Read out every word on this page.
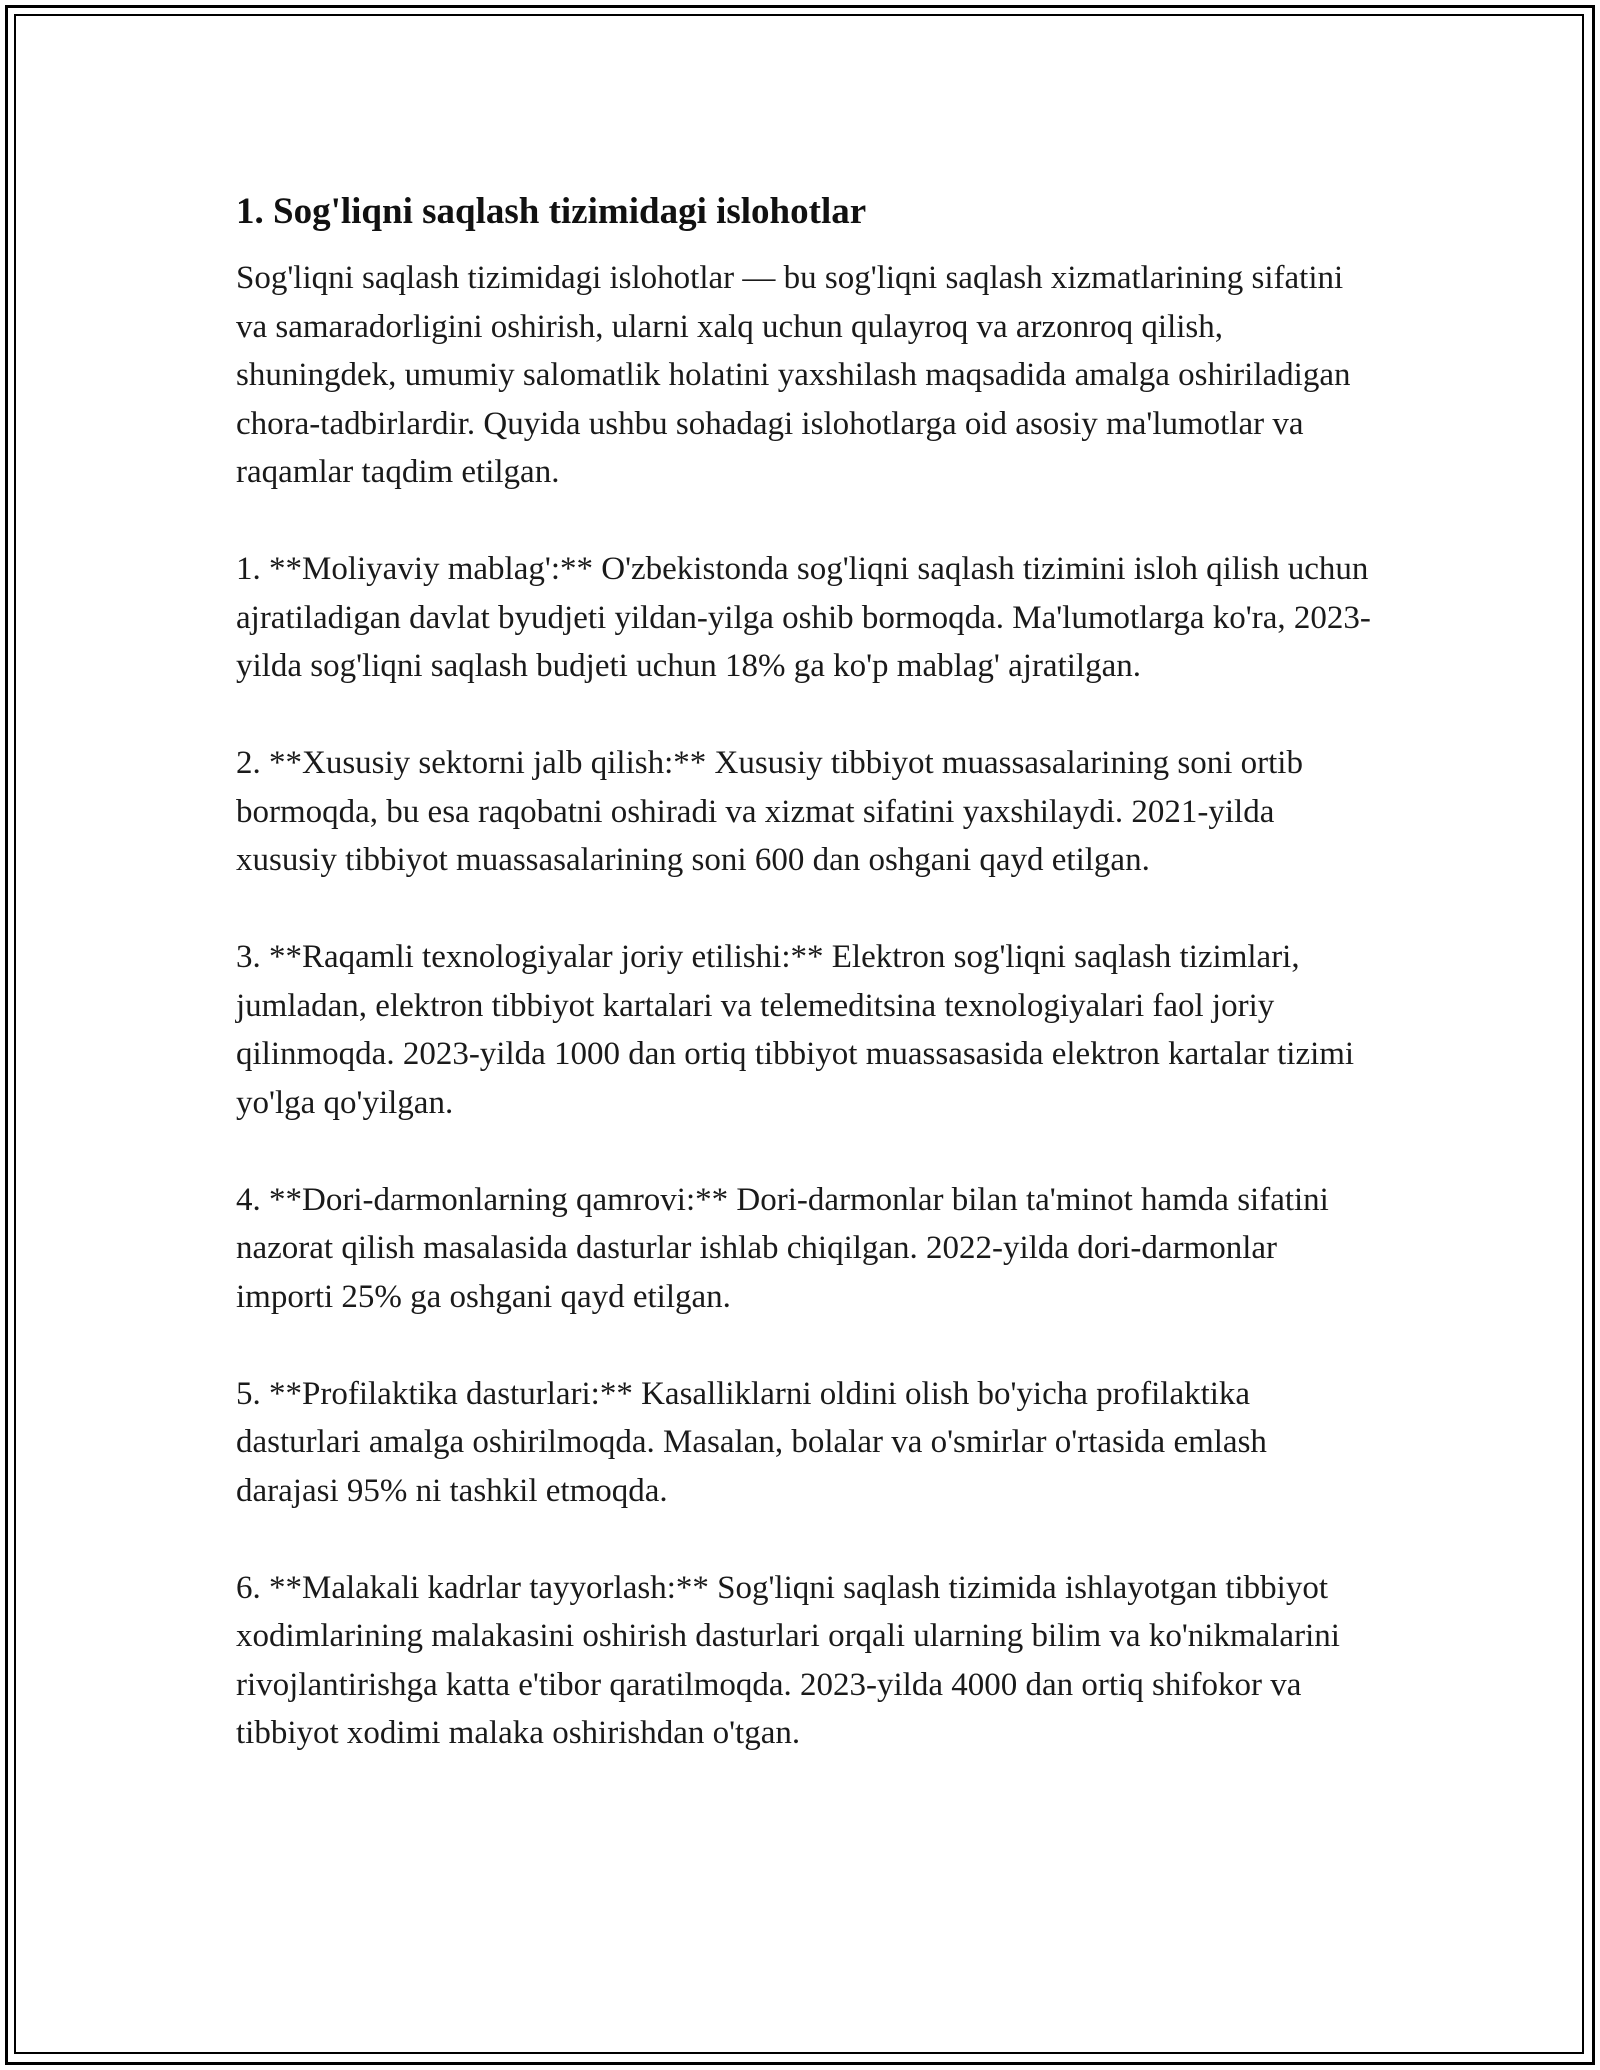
1. Sog'liqni saqlash tizimidagi islohotlar

Sog'liqni saqlash tizimidagi islohotlar — bu sog'liqni saqlash xizmatlarining sifatini va samaradorligini oshirish, ularni xalq uchun qulayroq va arzonroq qilish, shuningdek, umumiy salomatlik holatini yaxshilash maqsadida amalga oshiriladigan chora-tadbirlardir. Quyida ushbu sohadagi islohotlarga oid asosiy ma'lumotlar va raqamlar taqdim etilgan.

1. **Moliyaviy mablag':** O'zbekistonda sog'liqni saqlash tizimini isloh qilish uchun ajratiladigan davlat byudjeti yildan-yilga oshib bormoqda. Ma'lumotlarga ko'ra, 2023-yilda sog'liqni saqlash budjeti uchun 18% ga ko'p mablag' ajratilgan.

2. **Xususiy sektorni jalb qilish:** Xususiy tibbiyot muassasalarining soni ortib bormoqda, bu esa raqobatni oshiradi va xizmat sifatini yaxshilaydi. 2021-yilda xususiy tibbiyot muassasalarining soni 600 dan oshgani qayd etilgan.

3. **Raqamli texnologiyalar joriy etilishi:** Elektron sog'liqni saqlash tizimlari, jumladan, elektron tibbiyot kartalari va telemeditsina texnologiyalari faol joriy qilinmoqda. 2023-yilda 1000 dan ortiq tibbiyot muassasasida elektron kartalar tizimi yo'lga qo'yilgan.

4. **Dori-darmonlarning qamrovi:** Dori-darmonlar bilan ta'minot hamda sifatini nazorat qilish masalasida dasturlar ishlab chiqilgan. 2022-yilda dori-darmonlar importi 25% ga oshgani qayd etilgan.

5. **Profilaktika dasturlari:** Kasalliklarni oldini olish bo'yicha profilaktika dasturlari amalga oshirilmoqda. Masalan, bolalar va o'smirlar o'rtasida emlash darajasi 95% ni tashkil etmoqda.

6. **Malakali kadrlar tayyorlash:** Sog'liqni saqlash tizimida ishlayotgan tibbiyot xodimlarining malakasini oshirish dasturlari orqali ularning bilim va ko'nikmalarini rivojlantirishga katta e'tibor qaratilmoqda. 2023-yilda 4000 dan ortiq shifokor va tibbiyot xodimi malaka oshirishdan o'tgan.
